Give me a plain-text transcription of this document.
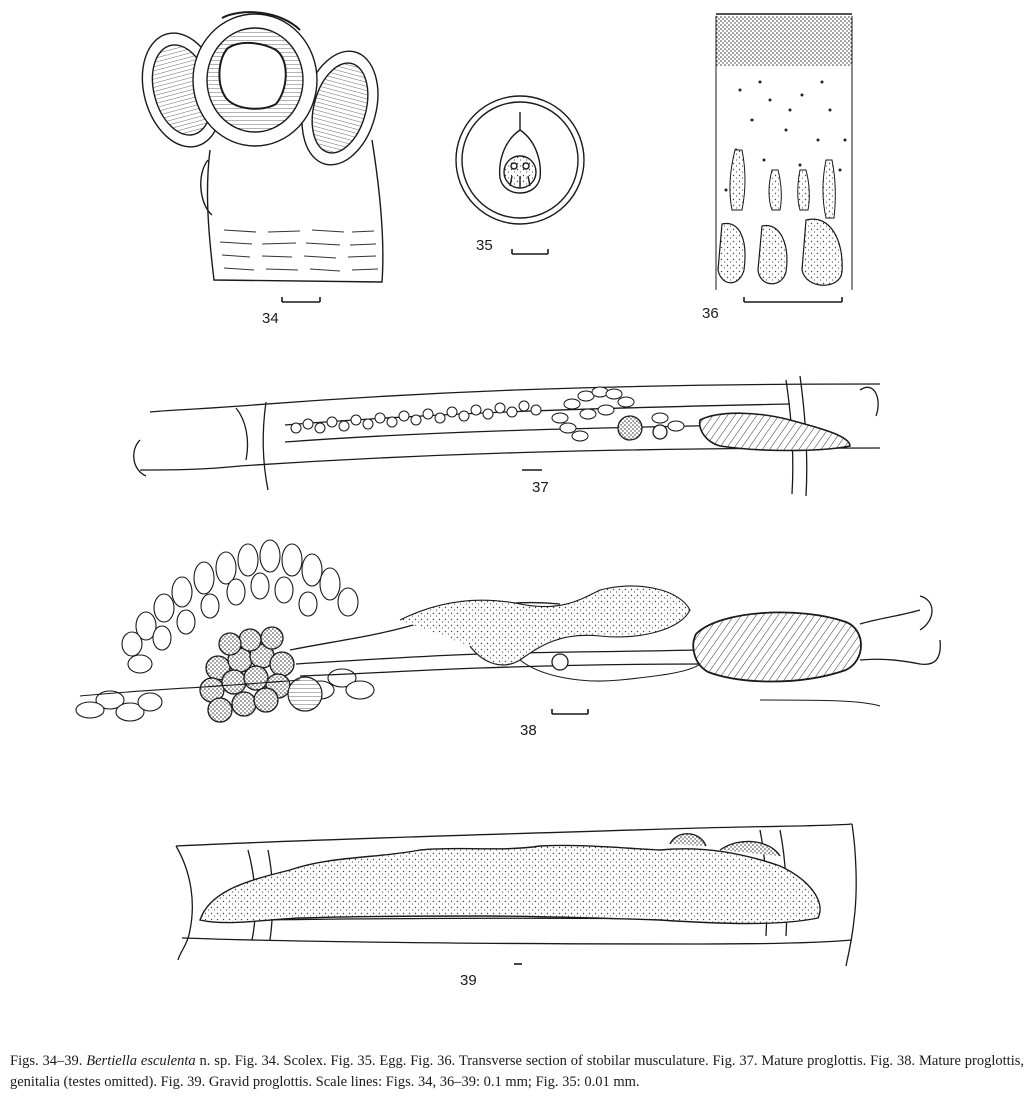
34
35
36
37
38
39

Figs. 34–39. Bertiella esculenta n. sp. Fig. 34. Scolex. Fig. 35. Egg. Fig. 36. Transverse section of stobilar musculature. Fig. 37. Mature proglottis. Fig. 38. Mature proglottis, genitalia (testes omitted). Fig. 39. Gravid proglottis. Scale lines: Figs. 34, 36–39: 0.1 mm; Fig. 35: 0.01 mm.
